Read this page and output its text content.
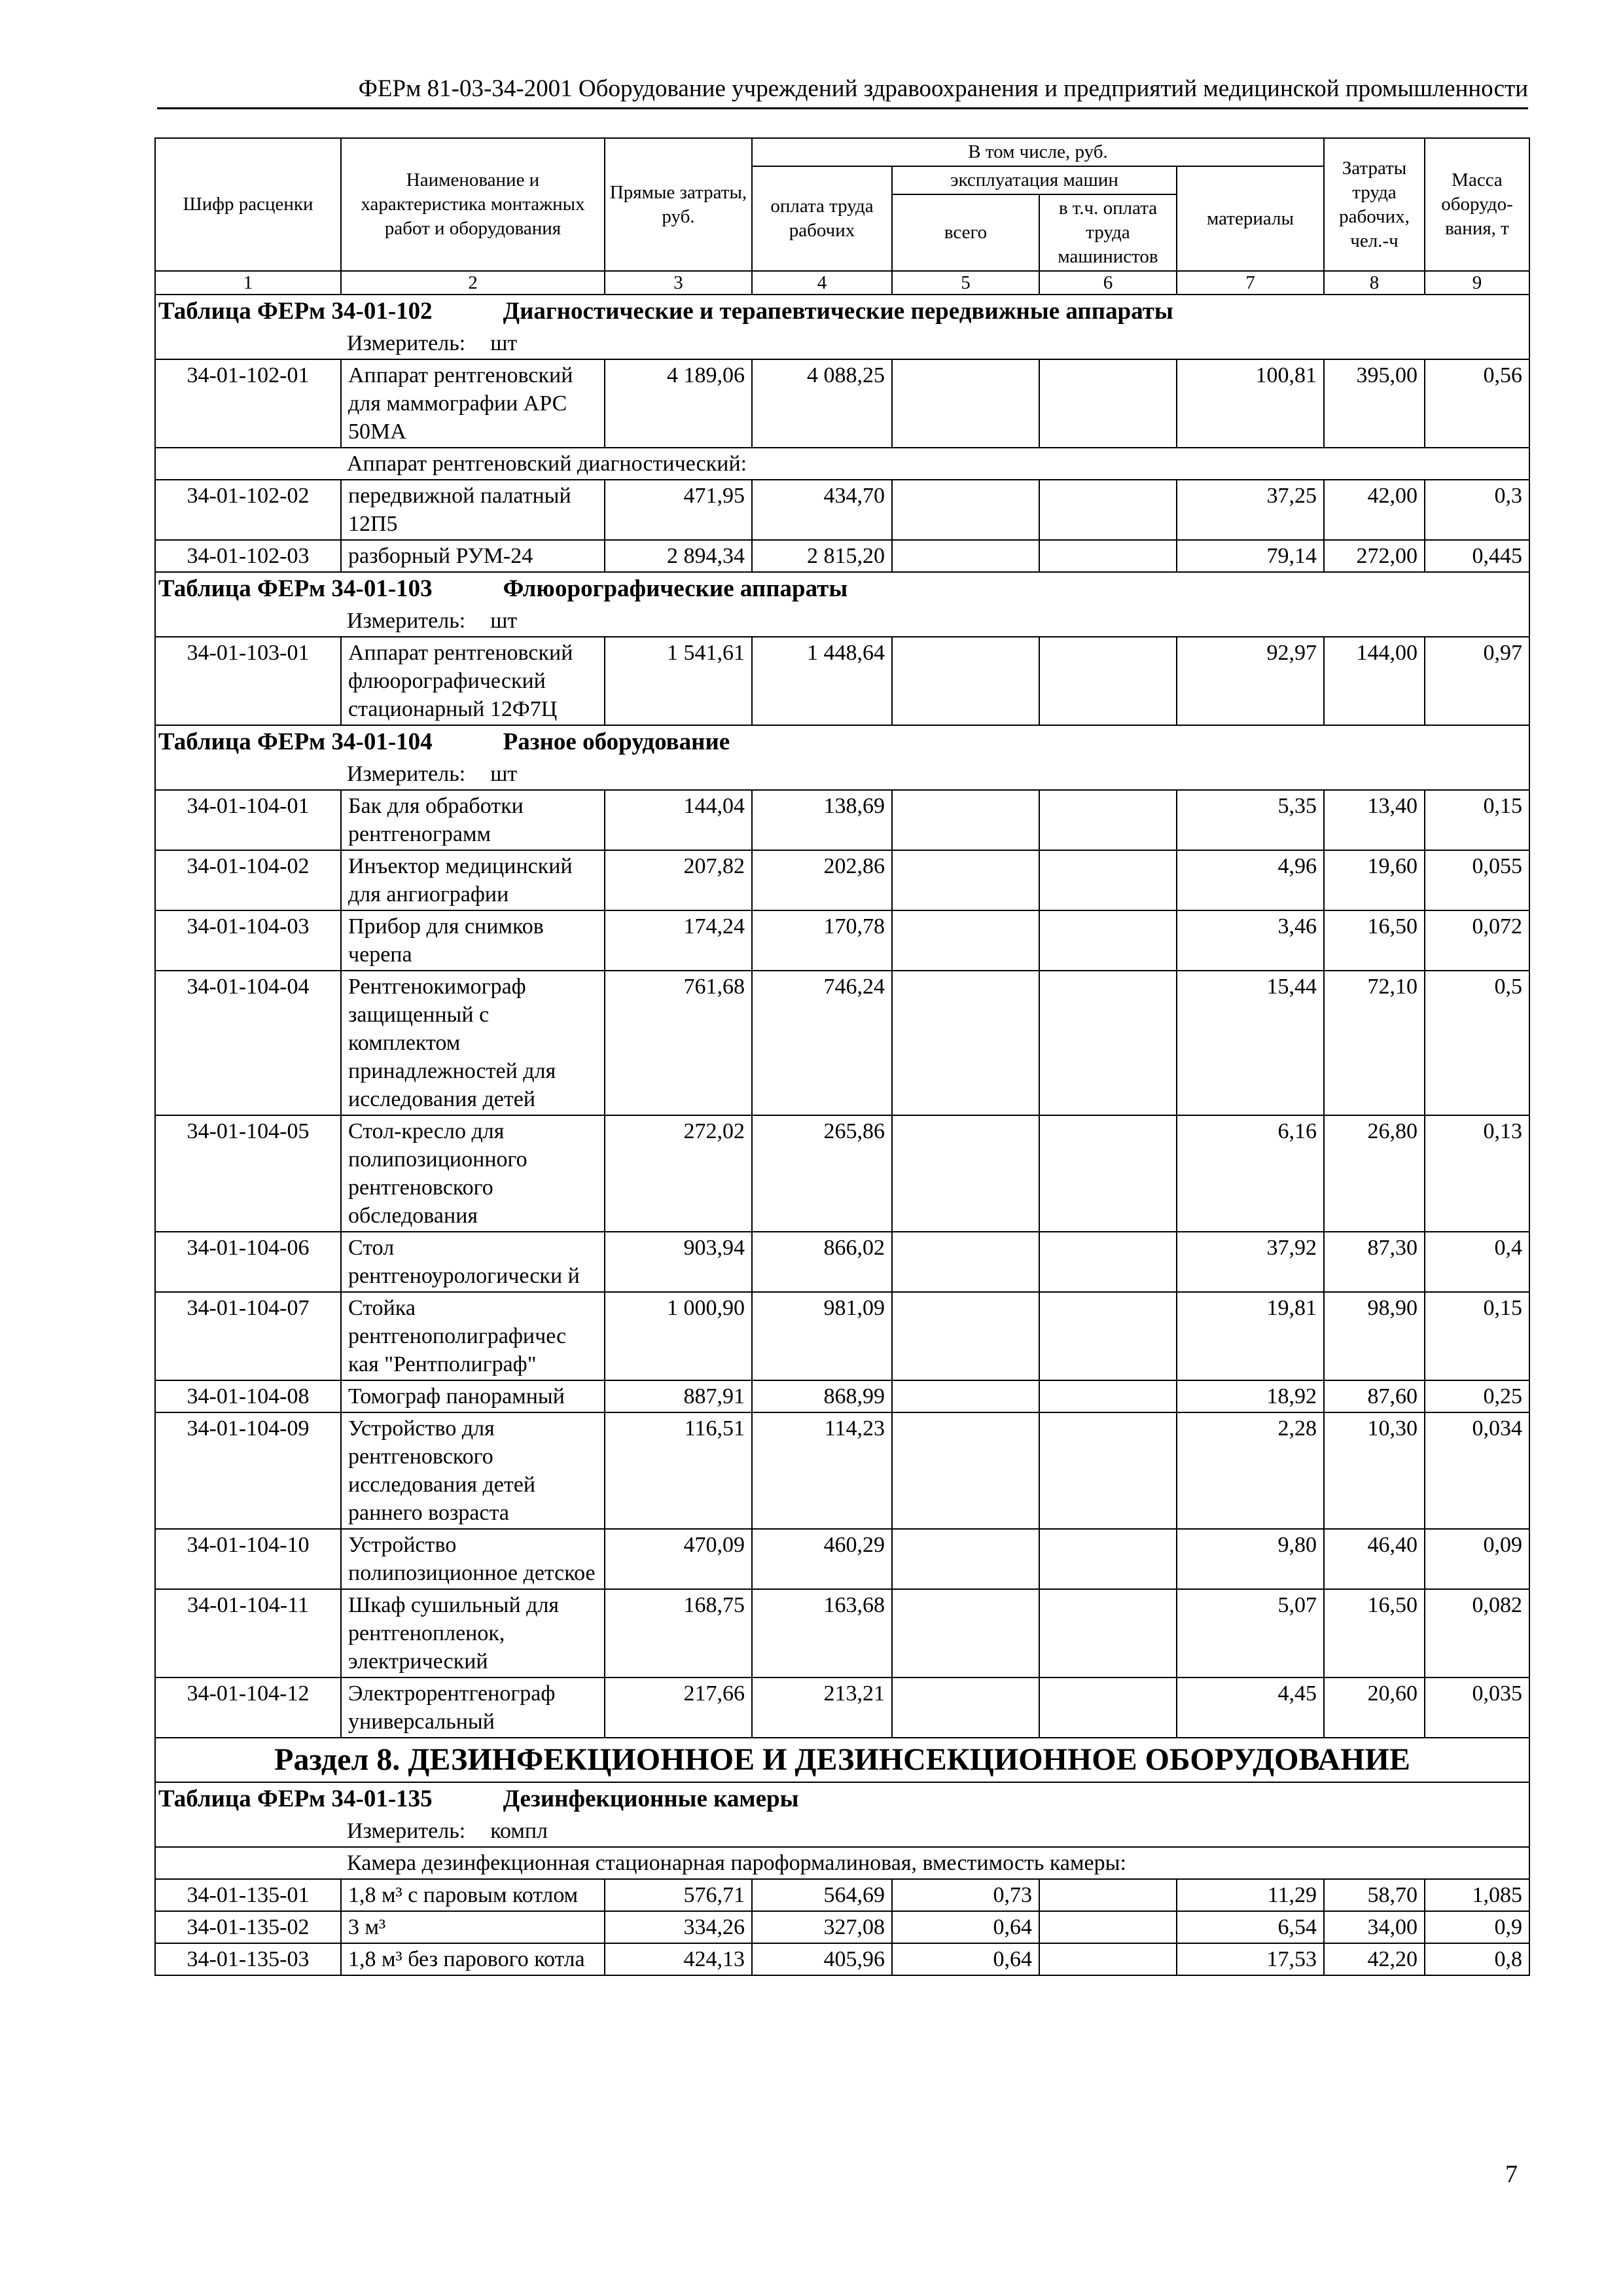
ФЕРм 81-03-34-2001 Оборудование учреждений здравоохранения и предприятий медицинской промышленности
Шифр расценки	Наименование и характеристика монтажных работ и оборудования	Прямые затраты, руб.	В том числе, руб.				Затраты труда рабочих, чел.-ч	Масса оборудо-вания, т
			оплата труда рабочих	эксплуатация машин		материалы		
				всего	в т.ч. оплата труда машинистов			
1	2	3	4	5	6	7	8	9
Таблица ФЕРм 34-01-102 Диагностические и терапевтические передвижные аппараты								
Измеритель: шт								
34-01-102-01	Аппарат рентгеновский для маммографии АРС 50МА	4 189,06	4 088,25			100,81	395,00	0,56
Аппарат рентгеновский диагностический:								
34-01-102-02	передвижной палатный 12П5	471,95	434,70			37,25	42,00	0,3
34-01-102-03	разборный РУМ-24	2 894,34	2 815,20			79,14	272,00	0,445
Таблица ФЕРм 34-01-103 Флюорографические аппараты								
Измеритель: шт								
34-01-103-01	Аппарат рентгеновский флюорографический стационарный 12Ф7Ц	1 541,61	1 448,64			92,97	144,00	0,97
Таблица ФЕРм 34-01-104 Разное оборудование								
Измеритель: шт								
34-01-104-01	Бак для обработки рентгенограмм	144,04	138,69			5,35	13,40	0,15
34-01-104-02	Инъектор медицинский для ангиографии	207,82	202,86			4,96	19,60	0,055
34-01-104-03	Прибор для снимков черепа	174,24	170,78			3,46	16,50	0,072
34-01-104-04	Рентгенокимограф защищенный с комплектом принадлежностей для исследования детей	761,68	746,24			15,44	72,10	0,5
34-01-104-05	Стол-кресло для полипозиционного рентгеновского обследования	272,02	265,86			6,16	26,80	0,13
34-01-104-06	Стол рентгеноурологически й	903,94	866,02			37,92	87,30	0,4
34-01-104-07	Стойка рентгенополиграфичес кая "Рентполиграф"	1 000,90	981,09			19,81	98,90	0,15
34-01-104-08	Томограф панорамный	887,91	868,99			18,92	87,60	0,25
34-01-104-09	Устройство для рентгеновского исследования детей раннего возраста	116,51	114,23			2,28	10,30	0,034
34-01-104-10	Устройство полипозиционное детское	470,09	460,29			9,80	46,40	0,09
34-01-104-11	Шкаф сушильный для рентгенопленок, электрический	168,75	163,68			5,07	16,50	0,082
34-01-104-12	Электрорентгенограф универсальный	217,66	213,21			4,45	20,60	0,035
Раздел 8. ДЕЗИНФЕКЦИОННОЕ И ДЕЗИНСЕКЦИОННОЕ ОБОРУДОВАНИЕ								
Таблица ФЕРм 34-01-135 Дезинфекционные камеры								
Измеритель: компл								
Камера дезинфекционная стационарная пароформалиновая, вместимость камеры:								
34-01-135-01	1,8 м³ с паровым котлом	576,71	564,69	0,73		11,29	58,70	1,085
34-01-135-02	3 м³	334,26	327,08	0,64		6,54	34,00	0,9
34-01-135-03	1,8 м³ без парового котла	424,13	405,96	0,64		17,53	42,20	0,8
7
